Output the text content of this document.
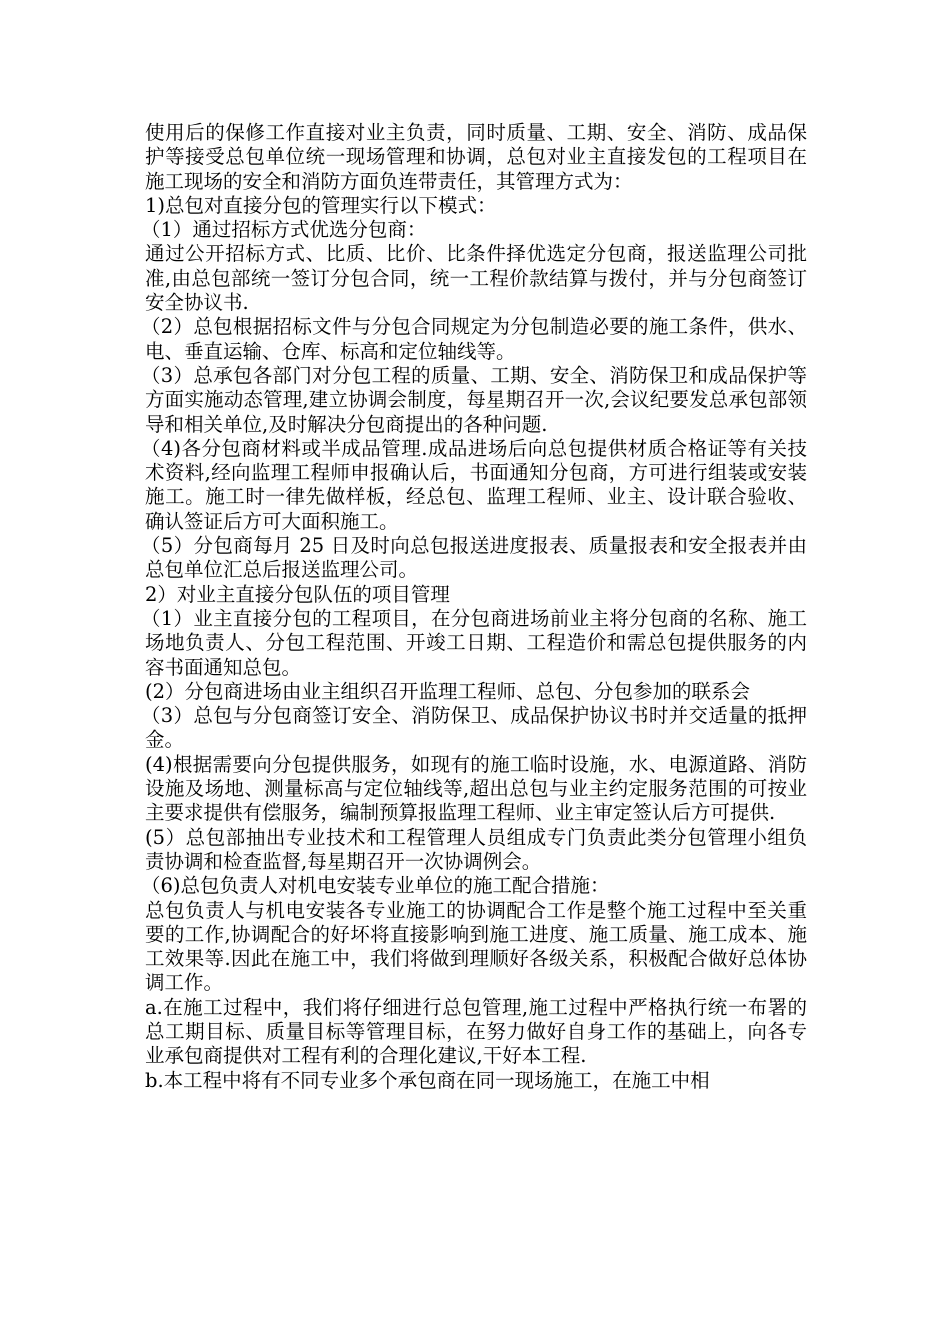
使用后的保修工作直接对业主负责，同时质量、工期、安全、消防、成品保护等接受总包单位统一现场管理和协调，总包对业主直接发包的工程项目在施工现场的安全和消防方面负连带责任，其管理方式为：

1)总包对直接分包的管理实行以下模式：

（1）通过招标方式优选分包商：

通过公开招标方式、比质、比价、比条件择优选定分包商，报送监理公司批准,由总包部统一签订分包合同，统一工程价款结算与拨付，并与分包商签订安全协议书.

（2）总包根据招标文件与分包合同规定为分包制造必要的施工条件，供水、电、垂直运输、仓库、标高和定位轴线等。

（3）总承包各部门对分包工程的质量、工期、安全、消防保卫和成品保护等方面实施动态管理,建立协调会制度，每星期召开一次,会议纪要发总承包部领导和相关单位,及时解决分包商提出的各种问题.

（4)各分包商材料或半成品管理.成品进场后向总包提供材质合格证等有关技术资料,经向监理工程师申报确认后，书面通知分包商，方可进行组装或安装施工。施工时一律先做样板，经总包、监理工程师、业主、设计联合验收、确认签证后方可大面积施工。

（5）分包商每月 25 日及时向总包报送进度报表、质量报表和安全报表并由总包单位汇总后报送监理公司。

2）对业主直接分包队伍的项目管理

（1）业主直接分包的工程项目，在分包商进场前业主将分包商的名称、施工场地负责人、分包工程范围、开竣工日期、工程造价和需总包提供服务的内容书面通知总包。

(2）分包商进场由业主组织召开监理工程师、总包、分包参加的联系会

（3）总包与分包商签订安全、消防保卫、成品保护协议书时并交适量的抵押金。

(4)根据需要向分包提供服务，如现有的施工临时设施，水、电源道路、消防设施及场地、测量标高与定位轴线等,超出总包与业主约定服务范围的可按业主要求提供有偿服务，编制预算报监理工程师、业主审定签认后方可提供.

(5）总包部抽出专业技术和工程管理人员组成专门负责此类分包管理小组负责协调和检查监督,每星期召开一次协调例会。

（6)总包负责人对机电安装专业单位的施工配合措施：

总包负责人与机电安装各专业施工的协调配合工作是整个施工过程中至关重要的工作,协调配合的好坏将直接影响到施工进度、施工质量、施工成本、施工效果等.因此在施工中，我们将做到理顺好各级关系，积极配合做好总体协调工作。

a.在施工过程中，我们将仔细进行总包管理,施工过程中严格执行统一布署的总工期目标、质量目标等管理目标，在努力做好自身工作的基础上，向各专业承包商提供对工程有利的合理化建议,干好本工程.

b.本工程中将有不同专业多个承包商在同一现场施工，在施工中相
